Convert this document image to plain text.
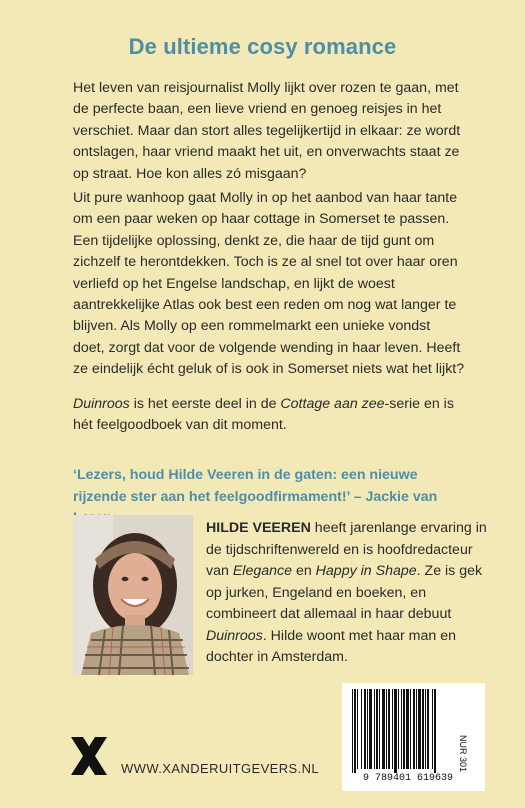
De ultieme cosy romance

Het leven van reisjournalist Molly lijkt over rozen te gaan, met de perfecte baan, een lieve vriend en genoeg reisjes in het verschiet. Maar dan stort alles tegelijkertijd in elkaar: ze wordt ontslagen, haar vriend maakt het uit, en onverwachts staat ze op straat. Hoe kon alles zó misgaan?

Uit pure wanhoop gaat Molly in op het aanbod van haar tante om een paar weken op haar cottage in Somerset te passen. Een tijdelijke oplossing, denkt ze, die haar de tijd gunt om zichzelf te herontdekken. Toch is ze al snel tot over haar oren verliefd op het Engelse landschap, en lijkt de woest aantrekkelijke Atlas ook best een reden om nog wat langer te blijven. Als Molly op een rommelmarkt een unieke vondst doet, zorgt dat voor de volgende wending in haar leven. Heeft ze eindelijk écht geluk of is ook in Somerset niets wat het lijkt?

Duinroos is het eerste deel in de Cottage aan zee-serie en is hét feelgoodboek van dit moment.

‘Lezers, houd Hilde Veeren in de gaten: een nieuwe rijzende ster aan het feelgoodfirmament!’ – Jackie van

HILDE VEEREN heeft jarenlange ervaring in de tijdschriftenwereld en is hoofdredacteur van Elegance en Happy in Shape. Ze is gek op jurken, Engeland en boeken, en combineert dat allemaal in haar debuut Duinroos. Hilde woont met haar man en dochter in Amsterdam.

WWW.XANDERUITGEVERS.NL
9 789401 619639
NUR 301
